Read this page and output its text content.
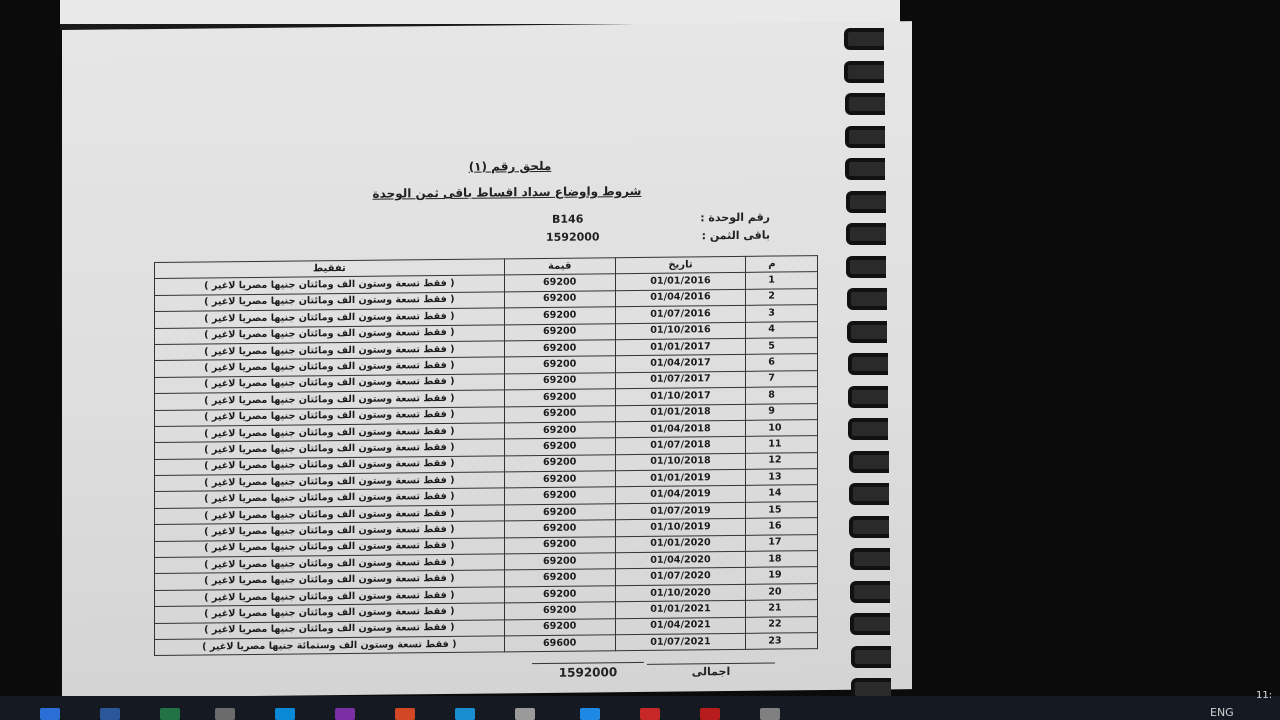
ملحق رقم (١)
شروط واوضاع سداد اقساط باقى ثمن الوحدة
رقم الوحدة :
B146
باقى الثمن :
1592000
تفقيط	قيمة	تاريخ	م
( فقط تسعة وستون الف ومائتان جنيها مصريا لاغير )	69200	01/01/2016	1
( فقط تسعة وستون الف ومائتان جنيها مصريا لاغير )	69200	01/04/2016	2
( فقط تسعة وستون الف ومائتان جنيها مصريا لاغير )	69200	01/07/2016	3
( فقط تسعة وستون الف ومائتان جنيها مصريا لاغير )	69200	01/10/2016	4
( فقط تسعة وستون الف ومائتان جنيها مصريا لاغير )	69200	01/01/2017	5
( فقط تسعة وستون الف ومائتان جنيها مصريا لاغير )	69200	01/04/2017	6
( فقط تسعة وستون الف ومائتان جنيها مصريا لاغير )	69200	01/07/2017	7
( فقط تسعة وستون الف ومائتان جنيها مصريا لاغير )	69200	01/10/2017	8
( فقط تسعة وستون الف ومائتان جنيها مصريا لاغير )	69200	01/01/2018	9
( فقط تسعة وستون الف ومائتان جنيها مصريا لاغير )	69200	01/04/2018	10
( فقط تسعة وستون الف ومائتان جنيها مصريا لاغير )	69200	01/07/2018	11
( فقط تسعة وستون الف ومائتان جنيها مصريا لاغير )	69200	01/10/2018	12
( فقط تسعة وستون الف ومائتان جنيها مصريا لاغير )	69200	01/01/2019	13
( فقط تسعة وستون الف ومائتان جنيها مصريا لاغير )	69200	01/04/2019	14
( فقط تسعة وستون الف ومائتان جنيها مصريا لاغير )	69200	01/07/2019	15
( فقط تسعة وستون الف ومائتان جنيها مصريا لاغير )	69200	01/10/2019	16
( فقط تسعة وستون الف ومائتان جنيها مصريا لاغير )	69200	01/01/2020	17
( فقط تسعة وستون الف ومائتان جنيها مصريا لاغير )	69200	01/04/2020	18
( فقط تسعة وستون الف ومائتان جنيها مصريا لاغير )	69200	01/07/2020	19
( فقط تسعة وستون الف ومائتان جنيها مصريا لاغير )	69200	01/10/2020	20
( فقط تسعة وستون الف ومائتان جنيها مصريا لاغير )	69200	01/01/2021	21
( فقط تسعة وستون الف ومائتان جنيها مصريا لاغير )	69200	01/04/2021	22
( فقط تسعة وستون الف وستمائة جنيها مصريا لاغير )	69600	01/07/2021	23
1592000	اجمالى
ENG
11:
